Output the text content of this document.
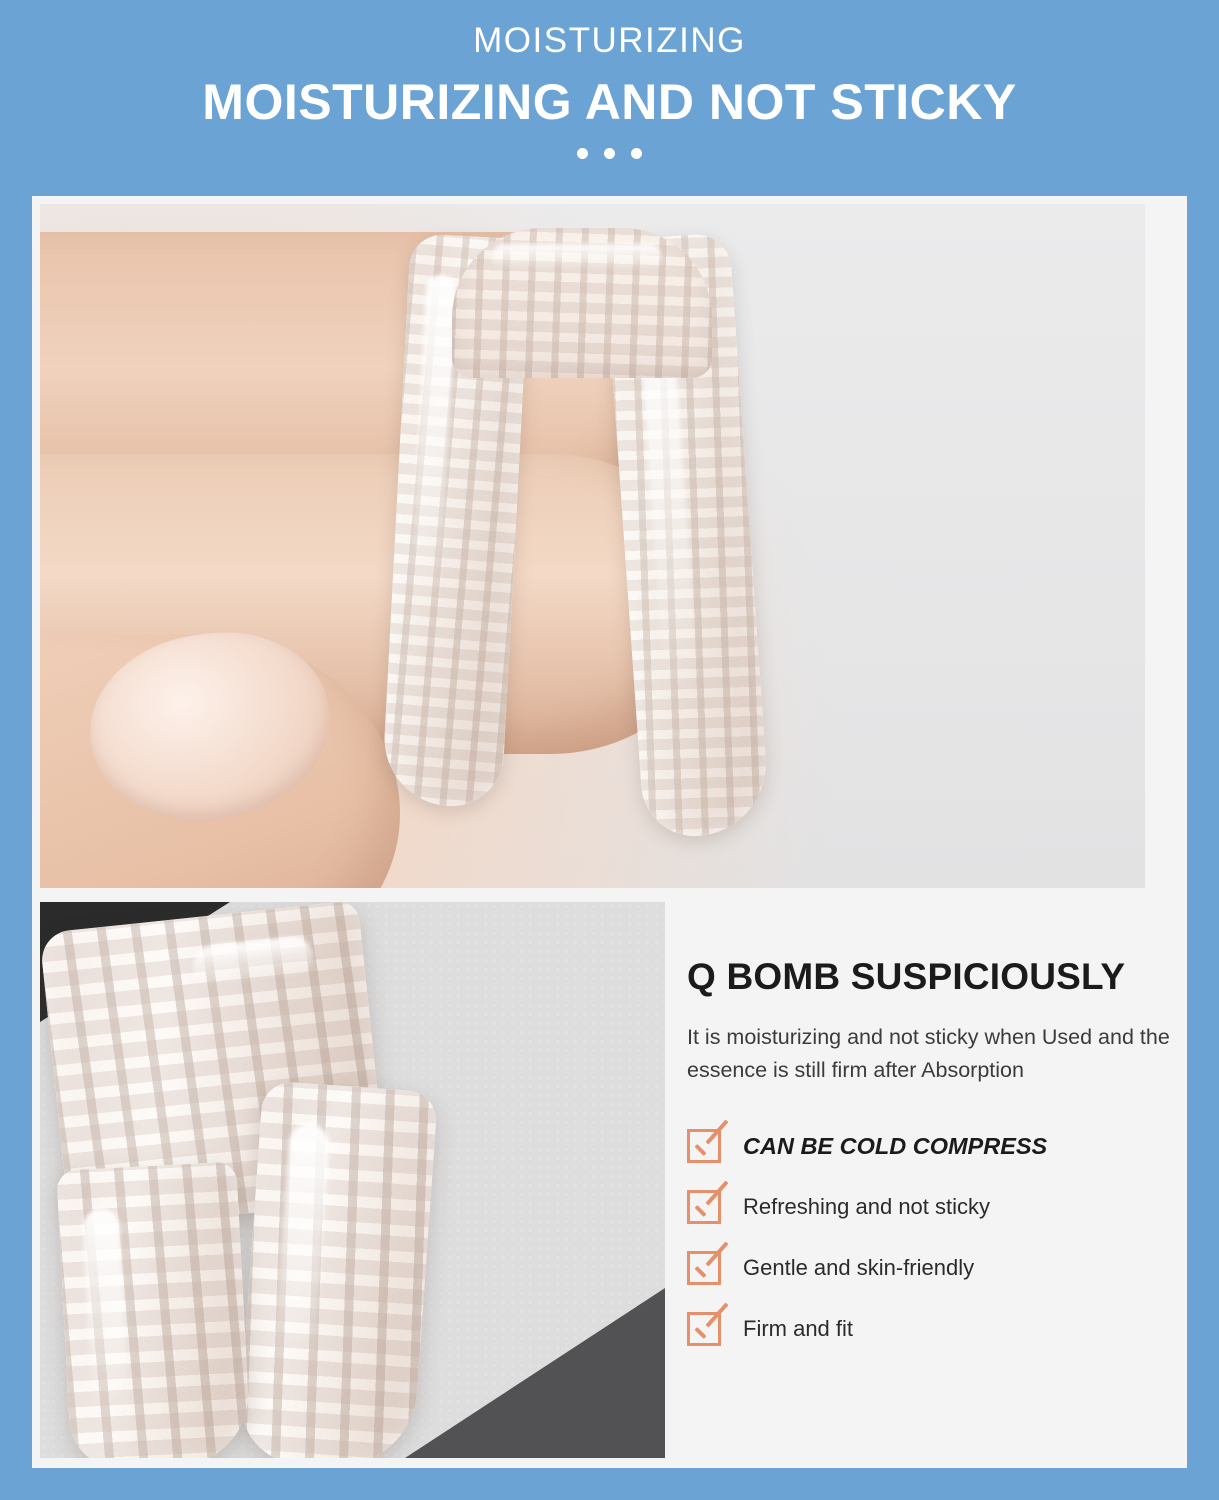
MOISTURIZING
MOISTURIZING AND NOT STICKY
Q BOMB SUSPICIOUSLY

It is moisturizing and not sticky when Used and the essence is still firm after Absorption

CAN BE COLD COMPRESS
Refreshing and not sticky
Gentle and skin-friendly
Firm and fit
